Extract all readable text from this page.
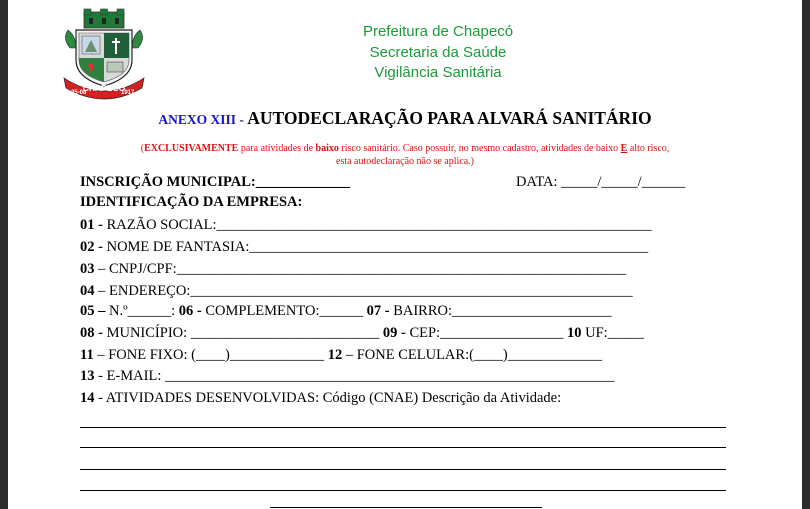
CHAPECÓ
25-08	1917
Prefeitura de Chapecó
Secretaria da Saúde
Vigilância Sanitária
ANEXO XIII - AUTODECLARAÇÃO PARA ALVARÁ SANITÁRIO
(EXCLUSIVAMENTE para atividades de baixo risco sanitário. Caso possuir, no mesmo cadastro, atividades de baixo E alto risco,
esta autodeclaração não se aplica.)
INSCRIÇÃO MUNICIPAL:_____________	DATA: _____/_____/______
IDENTIFICAÇÃO DA EMPRESA:
01 - RAZÃO SOCIAL:____________________________________________________________
02 - NOME DE FANTASIA:_______________________________________________________
03 – CNPJ/CPF:______________________________________________________________
04 – ENDEREÇO:_____________________________________________________________
05 – N.º______: 06 - COMPLEMENTO:______ 07 - BAIRRO:______________________
08 - MUNICÍPIO: __________________________ 09 - CEP:_________________ 10 UF:_____
11 – FONE FIXO: (____)_____________ 12 – FONE CELULAR:(____)_____________
13 - E-MAIL: ______________________________________________________________
14 - ATIVIDADES DESENVOLVIDAS: Código (CNAE) Descrição da Atividade:
